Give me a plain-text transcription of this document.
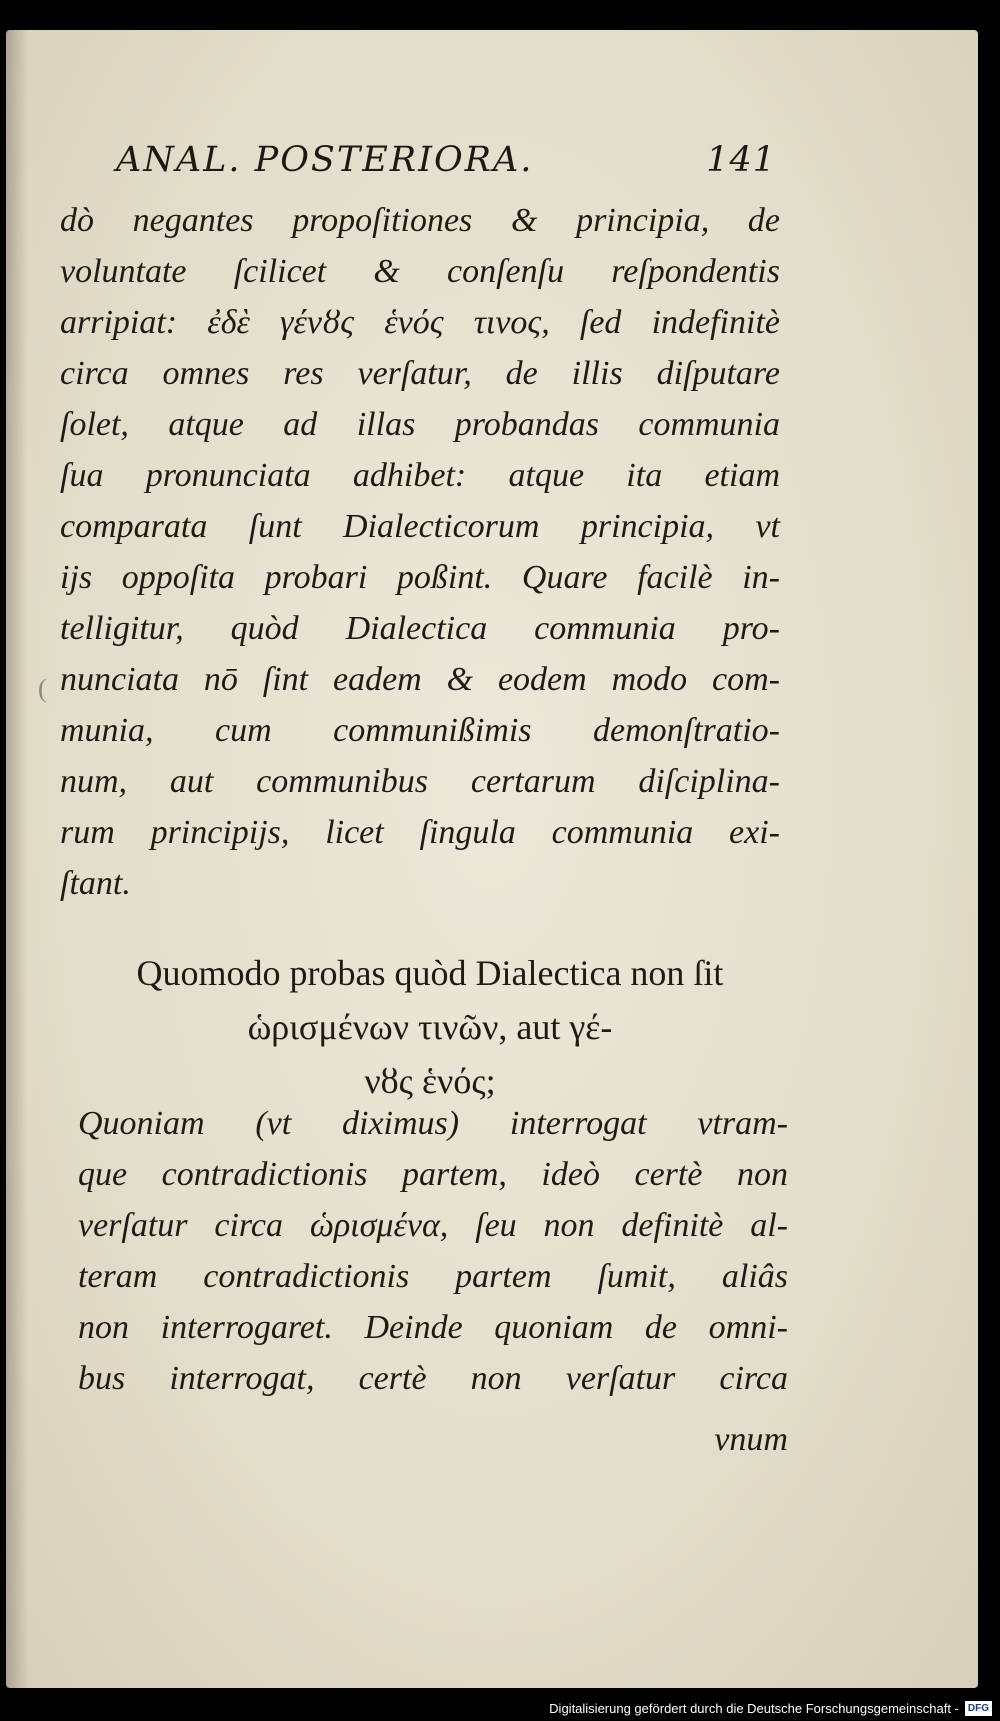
ANAL. POSTERIORA.	141
(
dò negantes propoſitiones & principia, de
voluntate ſcilicet & conſenſu reſpondentis
arripiat: ἐδὲ γένȣς ἑνός τινος, ſed indefinitè
circa omnes res verſatur, de illis diſputare
ſolet, atque ad illas probandas communia
ſua pronunciata adhibet: atque ita etiam
comparata ſunt Dialecticorum principia, vt
ijs oppoſita probari poßint. Quare facilè in-
telligitur, quòd Dialectica communia pro-
nunciata nō ſint eadem & eodem modo com-
munia, cum communißimis demonſtratio-
num, aut communibus certarum diſciplina-
rum principijs, licet ſingula communia exi-
ſtant.
Quomodo probas quòd Dialectica non ſit
ὡρισμένων τινῶν, aut γέ-
νȣς ἑνός;
Quoniam (vt diximus) interrogat vtram-
que contradictionis partem, ideò certè non
verſatur circa ὡρισμένα, ſeu non definitè al-
teram contradictionis partem ſumit, aliâs
non interrogaret. Deinde quoniam de omni-
bus interrogat, certè non verſatur circa
vnum
Digitalisierung gefördert durch die Deutsche Forschungsgemeinschaft - DFG
